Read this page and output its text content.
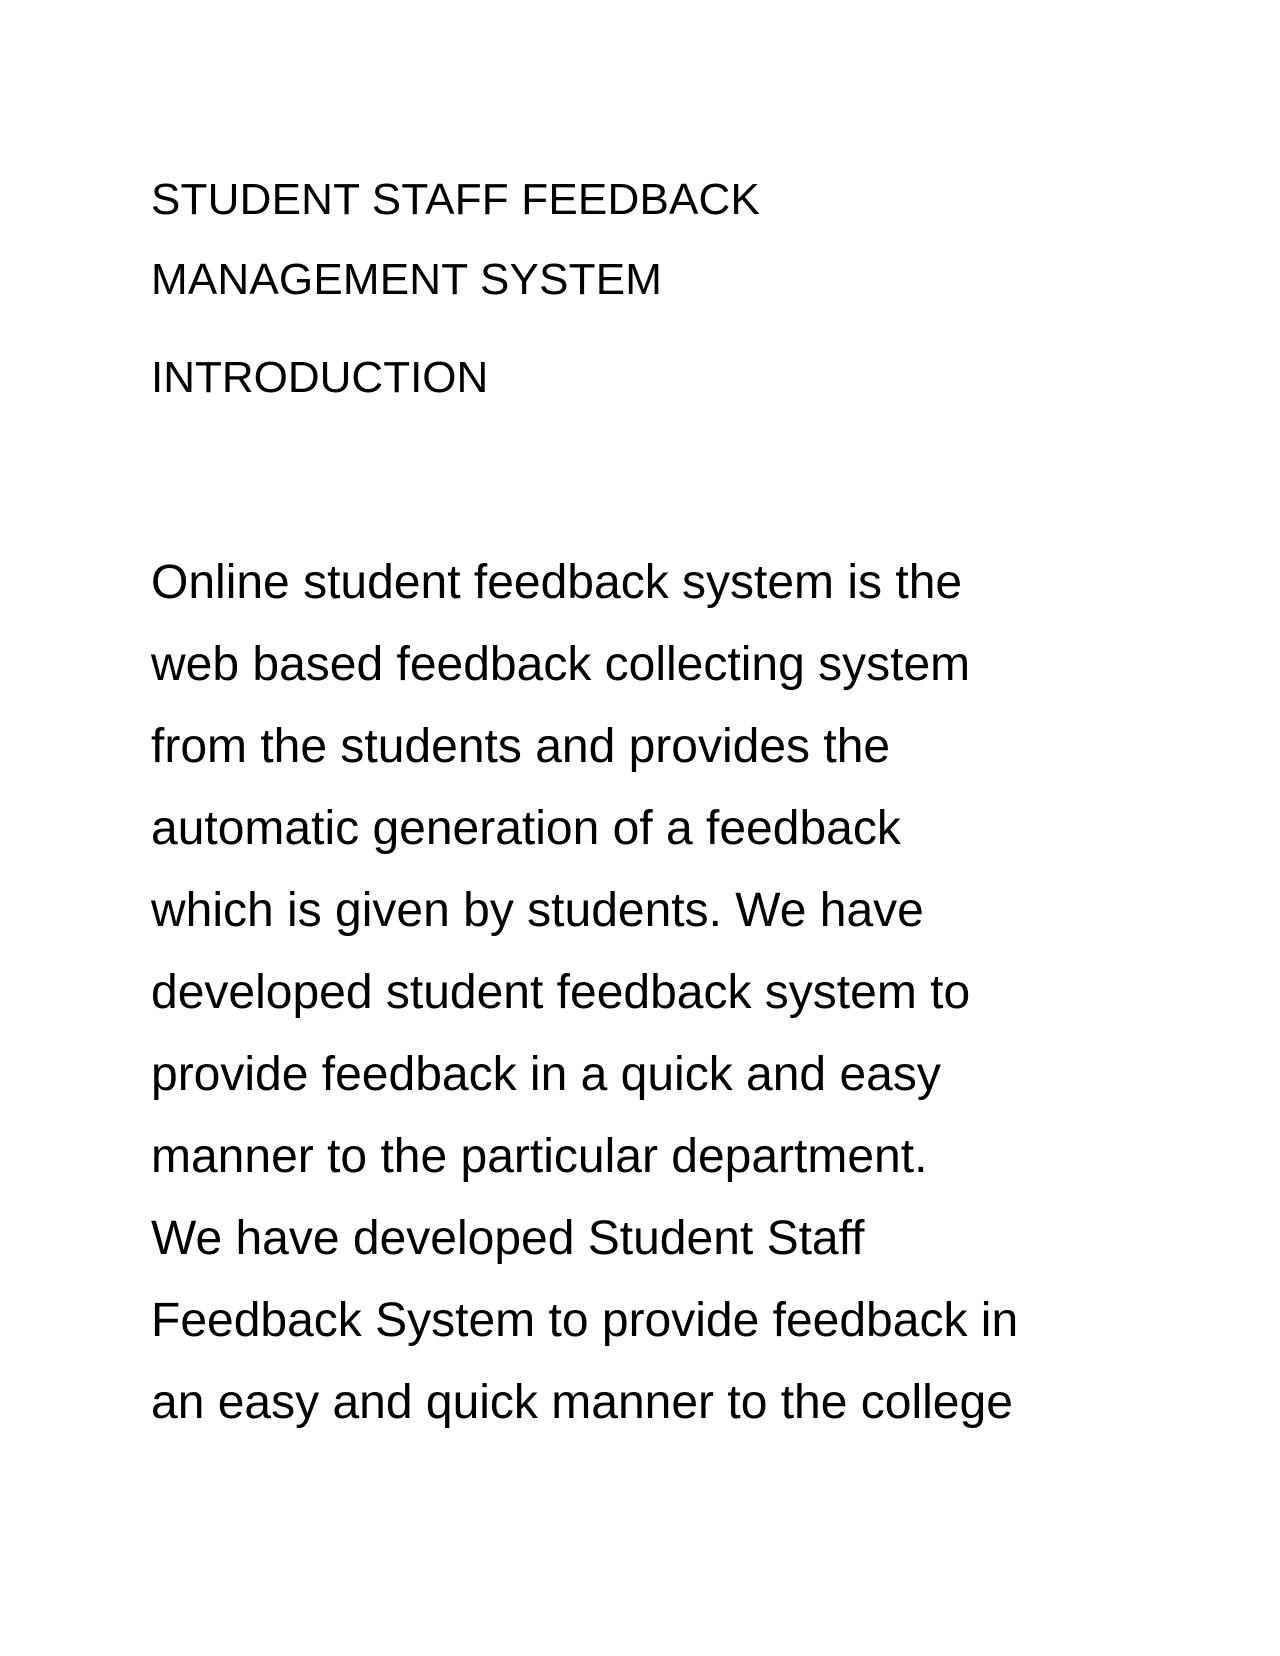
STUDENT STAFF FEEDBACK

MANAGEMENT SYSTEM

INTRODUCTION

Online student feedback system is the

web based feedback collecting system

from the students and provides the

automatic generation of a feedback

which is given by students. We have

developed student feedback system to

provide feedback in a quick and easy

manner to the particular department.

We have developed Student Staff

Feedback System to provide feedback in

an easy and quick manner to the college
